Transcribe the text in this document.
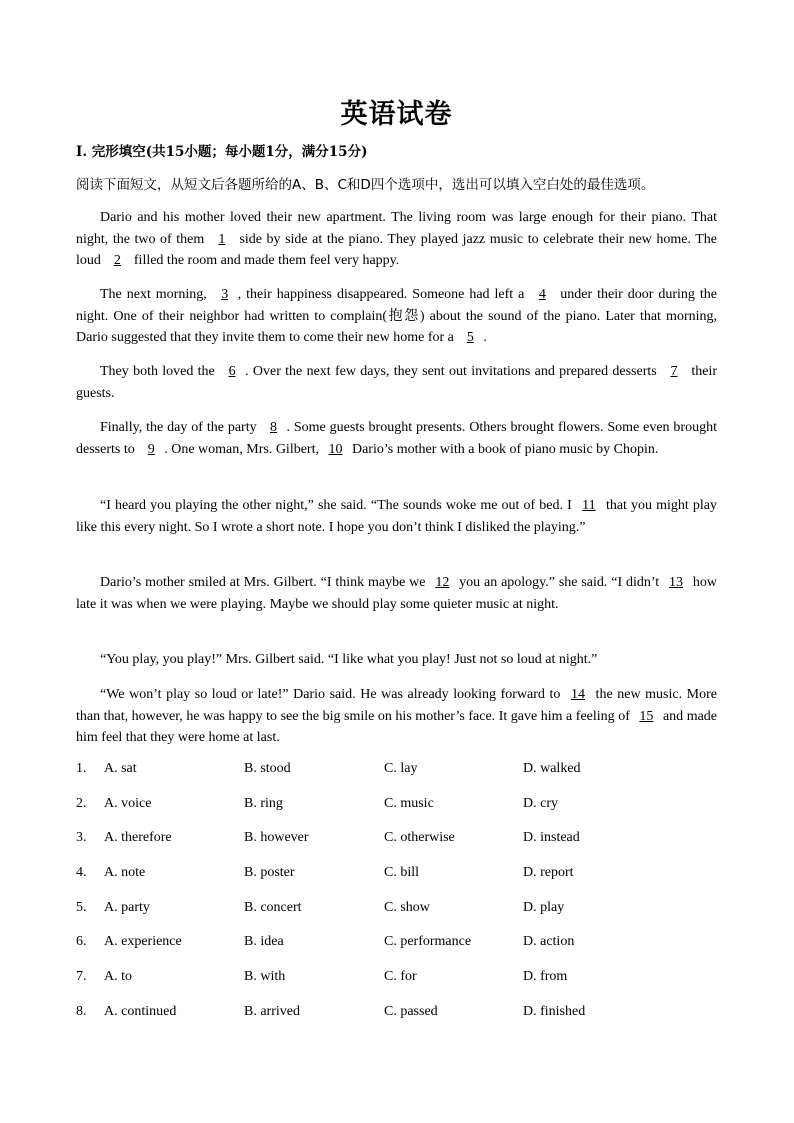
英语试卷
I. 完形填空(共15小题；每小题1分，满分15分)
阅读下面短文，从短文后各题所给的A、B、C和D四个选项中，选出可以填入空白处的最佳选项。
Dario and his mother loved their new apartment. The living room was large enough for their piano. That night, the two of them 1 side by side at the piano. They played jazz music to celebrate their new home. The loud 2 filled the room and made them feel very happy.
The next morning, 3 , their happiness disappeared. Someone had left a 4 under their door during the night. One of their neighbor had written to complain(抱怨) about the sound of the piano. Later that morning, Dario suggested that they invite them to come their new home for a 5 .
They both loved the 6 . Over the next few days, they sent out invitations and prepared desserts 7 their guests.
Finally, the day of the party 8 . Some guests brought presents. Others brought flowers. Some even brought desserts to 9 . One woman, Mrs. Gilbert, 10 Dario’s mother with a book of piano music by Chopin.
“I heard you playing the other night,” she said. “The sounds woke me out of bed. I 11 that you might play like this every night. So I wrote a short note. I hope you don’t think I disliked the playing.”
Dario’s mother smiled at Mrs. Gilbert. “I think maybe we 12 you an apology.” she said. “I didn’t 13 how late it was when we were playing. Maybe we should play some quieter music at night.
“You play, you play!” Mrs. Gilbert said. “I like what you play! Just not so loud at night.”
“We won’t play so loud or late!” Dario said. He was already looking forward to 14 the new music. More than that, however, he was happy to see the big smile on his mother’s face. It gave him a feeling of 15 and made him feel that they were home at last.
1. A. sat	B. stood	C. lay	D. walked
2. A. voice	B. ring	C. music	D. cry
3. A. therefore	B. however	C. otherwise	D. instead
4. A. note	B. poster	C. bill	D. report
5. A. party	B. concert	C. show	D. play
6. A. experience	B. idea	C. performance	D. action
7. A. to	B. with	C. for	D. from
8. A. continued	B. arrived	C. passed	D. finished
